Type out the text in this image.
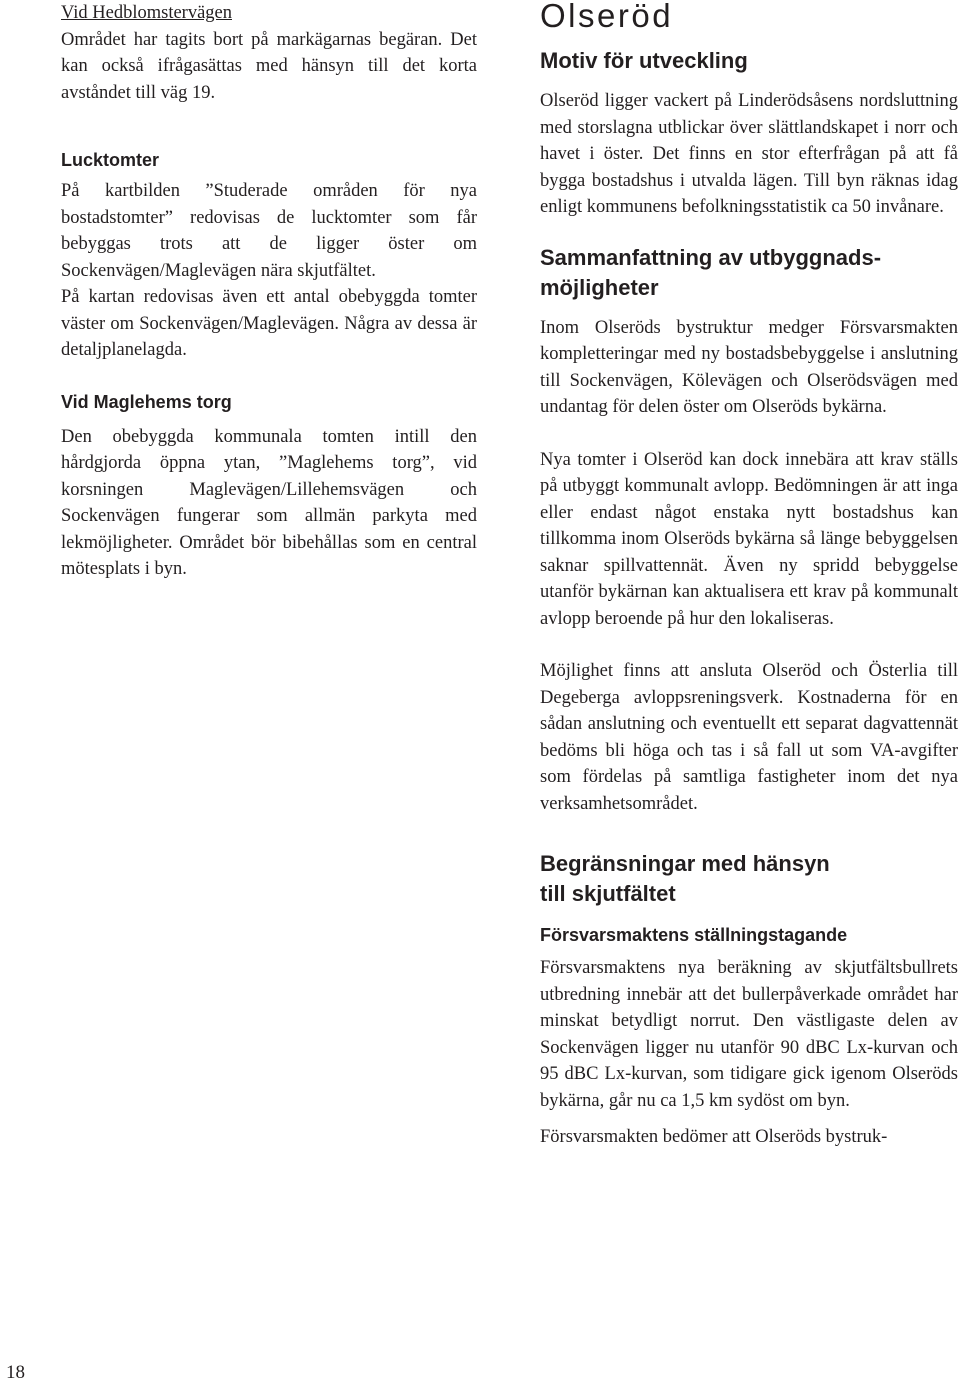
Vid Hedblomstervägen

Området har tagits bort på markägarnas begäran. Det kan också ifrågasättas med hänsyn till det korta avståndet till väg 19.

Lucktomter

På kartbilden ”Studerade områden för nya bostadstomter” redovisas de lucktomter som får bebyggas trots att de ligger öster om Sockenvägen/Maglevägen nära skjutfältet.

På kartan redovisas även ett antal obebyggda tomter väster om Sockenvägen/Maglevägen. Några av dessa är detaljplanelagda.

Vid Maglehems torg

Den obebyggda kommunala tomten intill den hårdgjorda öppna ytan, ”Maglehems torg”, vid korsningen Maglevägen/Lillehemsvägen och Sockenvägen fungerar som allmän parkyta med lekmöjligheter. Området bör bibehållas som en central mötesplats i byn.

Olseröd

Motiv för utveckling

Olseröd ligger vackert på Linderödsåsens nordsluttning med storslagna utblickar över slättlandskapet i norr och havet i öster. Det finns en stor efterfrågan på att få bygga bostadshus i utvalda lägen. Till byn räknas idag enligt kommunens befolkningsstatistik ca 50 invånare.

Sammanfattning av utbyggnads-

möjligheter

Inom Olseröds bystruktur medger Försvarsmakten kompletteringar med ny bostadsbebyggelse i anslutning till Sockenvägen, Kölevägen och Olserödsvägen med undantag för delen öster om Olseröds bykärna.

Nya tomter i Olseröd kan dock innebära att krav ställs på utbyggt kommunalt avlopp. Bedömningen är att inga eller endast något enstaka nytt bostadshus kan tillkomma inom Olseröds bykärna så länge bebyggelsen saknar spillvattennät. Även ny spridd bebyggelse utanför bykärnan kan aktualisera ett krav på kommunalt avlopp beroende på hur den lokaliseras.

Möjlighet finns att ansluta Olseröd och Österlia till Degeberga avloppsreningsverk. Kostnaderna för en sådan anslutning och eventuellt ett separat dagvattennät bedöms bli höga och tas i så fall ut som VA-avgifter som fördelas på samtliga fastigheter inom det nya verksamhetsområdet.

Begränsningar med hänsyn

till skjutfältet

Försvarsmaktens ställningstagande

Försvarsmaktens nya beräkning av skjutfältsbullrets utbredning innebär att det bullerpåverkade området har minskat betydligt norrut. Den västligaste delen av Sockenvägen ligger nu utanför 90 dBC Lx-kurvan och 95 dBC Lx-kurvan, som tidigare gick igenom Olseröds bykärna, går nu ca 1,5 km sydöst om byn.

Försvarsmakten bedömer att Olseröds bystruk-

18
